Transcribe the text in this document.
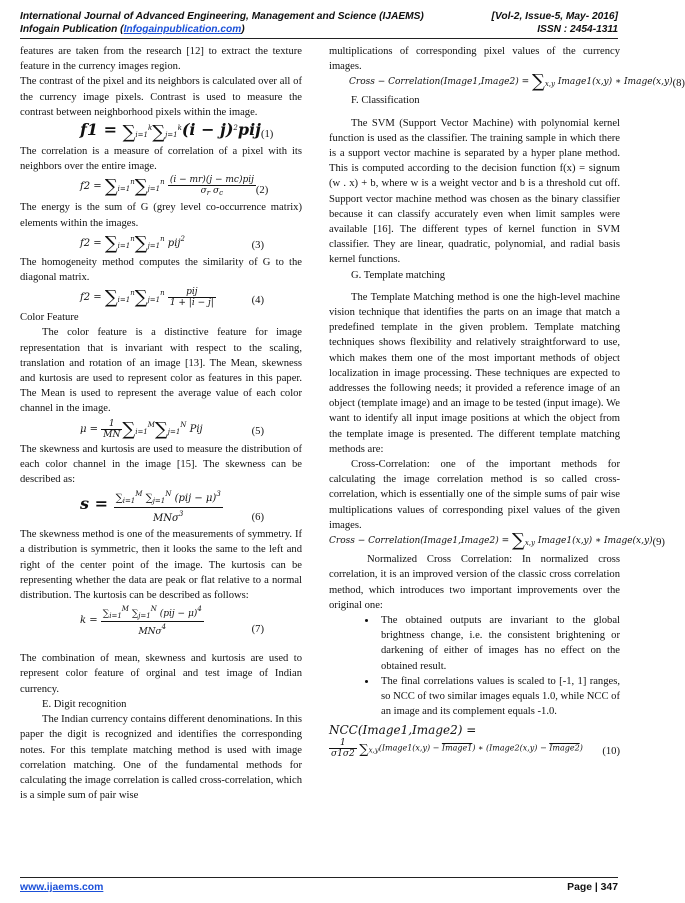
International Journal of Advanced Engineering, Management and Science (IJAEMS)	[Vol-2, Issue-5, May- 2016]
Infogain Publication (Infogainpublication.com)	ISSN : 2454-1311

features are taken from the research [12] to extract the texture feature in the currency images region.

The contrast of the pixel and its neighbors is calculated over all of the currency image pixels. Contrast is used to measure the contrast between neighborhood pixels within the image.

$f1 = \sum_{i=1}^k\sum_{j=1}^k(i - j)^2pij$ (1)

The correlation is a measure of correlation of a pixel with its neighbors over the entire image.

$f2 = \sum_{i=1}^n\sum_{j=1}^n \frac{\text{(i − mr)(j − mc)pij}}{\sigma_r \sigma_c} (2)$

The energy is the sum of G (grey level co-occurrence matrix) elements within the images.

$f2 = \sum_{i=1}^n\sum_{j=1}^n$ pij$^2$
(3)

The homogeneity method computes the similarity of G to the diagonal matrix.

$f2 = \sum_{i=1}^n\sum_{j=1}^n \frac{\text{pij}}{1 + |i - j|}$	(4)

Color Feature

The color feature is a distinctive feature for image representation that is invariant with respect to the scaling, translation and rotation of an image [13]. The Mean, skewness and kurtosis are used to represent color as features in this paper. The Mean is used to represent the average value of each color channel in the image.

$\mu = \frac{1}{MN} \sum_{i=1}^M\sum_{j=1}^N$ Pij	(5)

The skewness and kurtosis are used to measure the distribution of each color channel in the image [15]. The skewness can be described as:

$s = \frac{\sum_{i=1}^M \sum_{j=1}^N (pij - \mu)^3}{MN\sigma^3}$	(6)

The skewness method is one of the measurements of symmetry. If a distribution is symmetric, then it looks the same to the left and right of the center point of the image. The kurtosis can be representing whether the data are peak or flat relative to a normal distribution. The kurtosis can be described as follows:

$k = \frac{\sum_{i=1}^M \sum_{j=1}^N (pij - \mu)^4}{MN\sigma^4}$	(7)

The combination of mean, skewness and kurtosis are used to represent color feature of orginal and test image of Indian currency.

E. Digit recognition

The Indian currency contains different denominations. In this paper the digit is recognized and identifies the corresponding notes. For this template matching method is used with image correlation matching. One of the fundamental methods for calculating the image correlation is called cross-correlation, which is a simple sum of pair wise

multiplications of corresponding pixel values of the currency images.

Cross − Correlation(Image1,Image2) = $\sum_{x,y}$ Image1(x,y) ∗ Image(x,y) (8)

F. Classification

The SVM (Support Vector Machine) with polynomial kernel function is used as the classifier. The training sample in which there is a support vector machine is separated by a hyper plane method. This is computed according to the decision function f(x) = signum (w . x) + b, where w is a weight vector and b is a threshold cut off. Support vector machine method was chosen as the binary classifier because it can classify accurately even when limit samples were available [16]. The different types of kernel function in SVM classifier. They are linear, quadratic, polynomial, and radial basis kernel functions.

G. Template matching

The Template Matching method is one the high-level machine vision technique that identifies the parts on an image that match a predefined template in the given problem. Template matching techniques shows flexibility and relatively straightforward to use, which makes them one of the most important methods of object localization in image processing. These techniques are expected to addresses the following needs; it provided a reference image of an object (template image) and an image to be tested (input image). We want to identify all input image positions at which the object from the template image is presented. The different template matching methods are:

Cross-Correlation: one of the important methods for calculating the image correlation method is so called cross-correlation, which is essentially one of the simple sums of pair wise multiplications values of corresponding pixel values of the given images.

Cross − Correlation(Image1,Image2) = $\sum_{x,y}$ Image1(x,y) ∗ Image(x,y) (9)

Normalized Cross Correlation: In normalized cross correlation, it is an improved version of the classic cross correlation method, which introduces two important improvements over the original one:

• The obtained outputs are invariant to the global brightness change, i.e. the consistent brightening or darkening of either of images has no effect on the obtained result.
• The final correlations values is scaled to [-1, 1] ranges, so NCC of two similar images equals 1.0, while NCC of an image and its complement equals -1.0.
NCC(Image1,Image2) =
$\frac{1}{\sigma 1\sigma 2}$ ∑x,y(Image1(x,y) − Image1) ∗ (Image2(x,y) − Image2) (10)
www.ijaems.com	Page | 347
